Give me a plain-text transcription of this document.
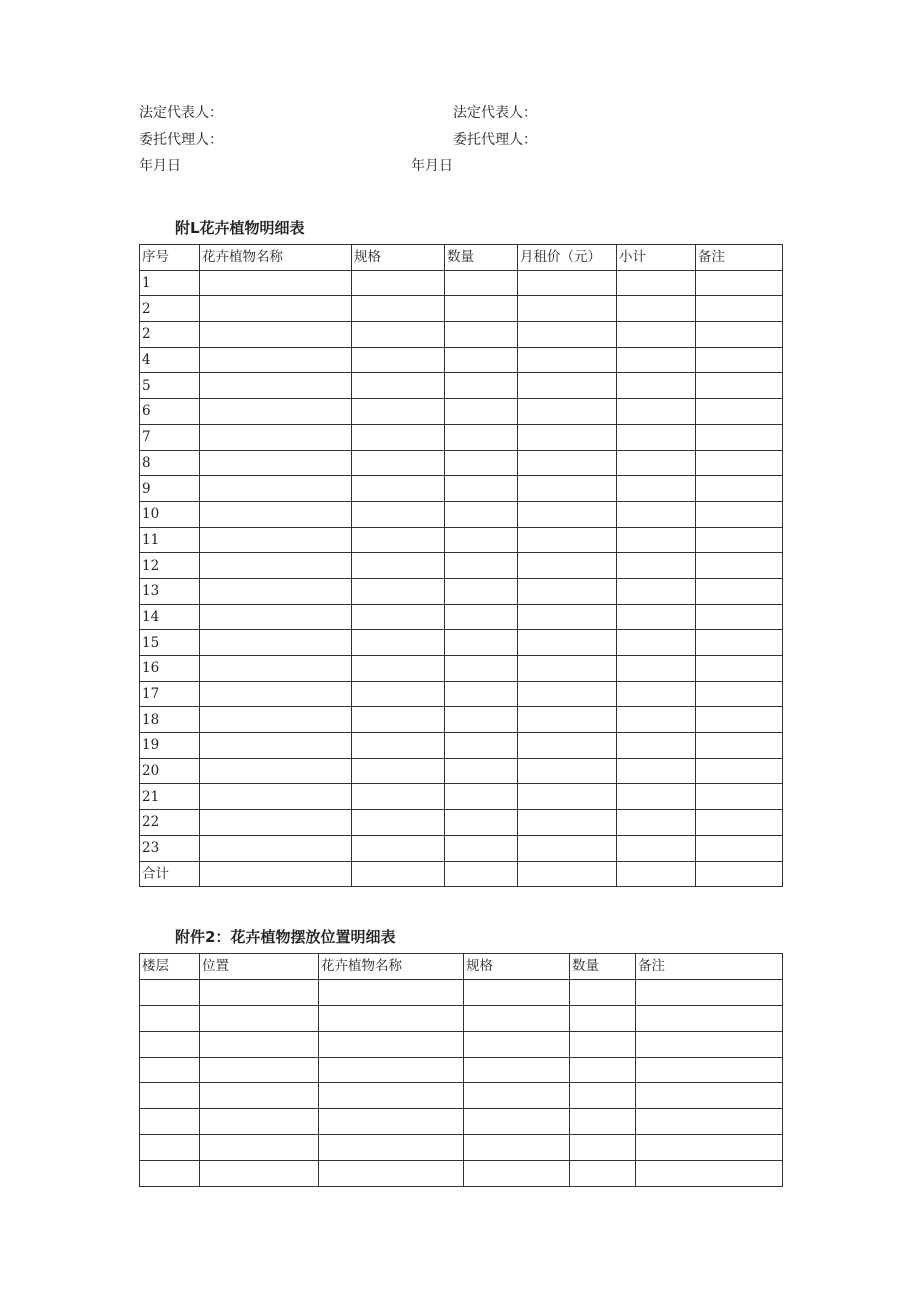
法定代表人：	法定代表人：
委托代理人：	委托代理人：
年月日	年月日
附L花卉植物明细表
序号	花卉植物名称	规格	数量	月租价（元）	小计	备注
1						
2						
2						
4						
5						
6						
7						
8						
9						
10						
11						
12						
13						
14						
15						
16						
17						
18						
19						
20						
21						
22						
23						
合计						
附件2：花卉植物摆放位置明细表
楼层	位置	花卉植物名称	规格	数量	备注
